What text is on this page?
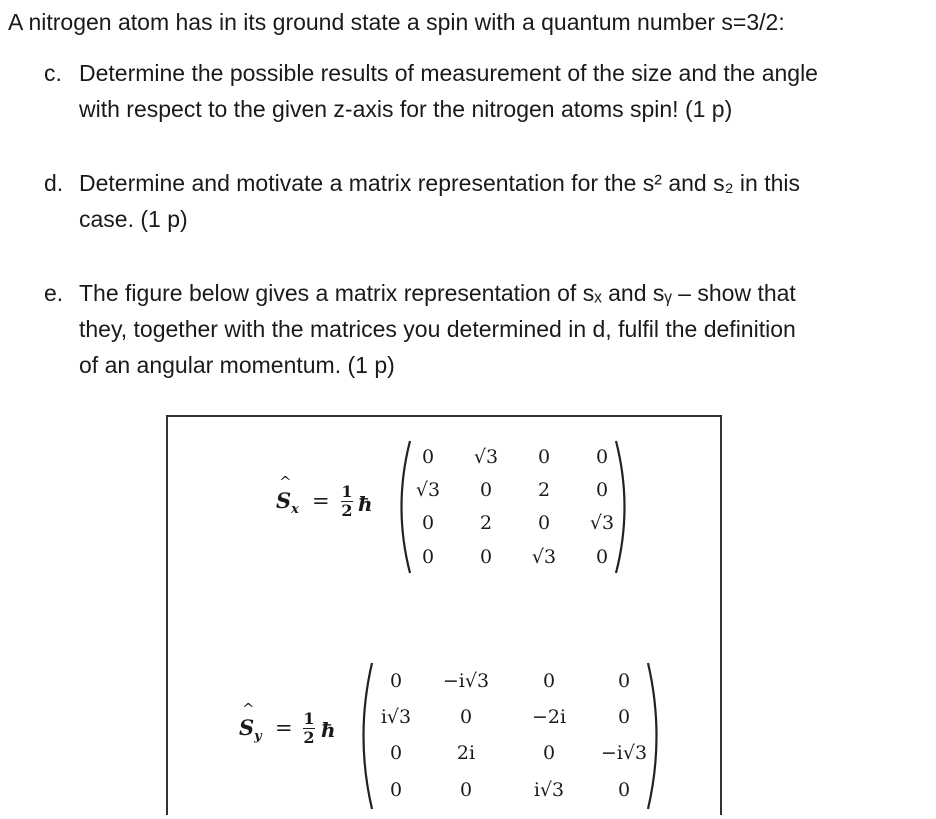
A nitrogen atom has in its ground state a spin with a quantum number s=3/2:
c. Determine the possible results of measurement of the size and the angle
with respect to the given z-axis for the nitrogen atoms spin! (1 p)
d. Determine and motivate a matrix representation for the s² and s₂ in this
case. (1 p)
e. The figure below gives a matrix representation of sₓ and sᵧ – show that
they, together with the matrices you determined in d, fulfil the definition
of an angular momentum. (1 p)
^
$S_x = 1$
2 ħ
0	√3	0	0
√3	0	2	0
0	2	0	√3
0	0	√3	0
^
$S_y = 1$
2 ħ
0	−i√3	0	0
i√3	0	−2i	0
0	2i	0	−i√3
0	0	i√3	0
